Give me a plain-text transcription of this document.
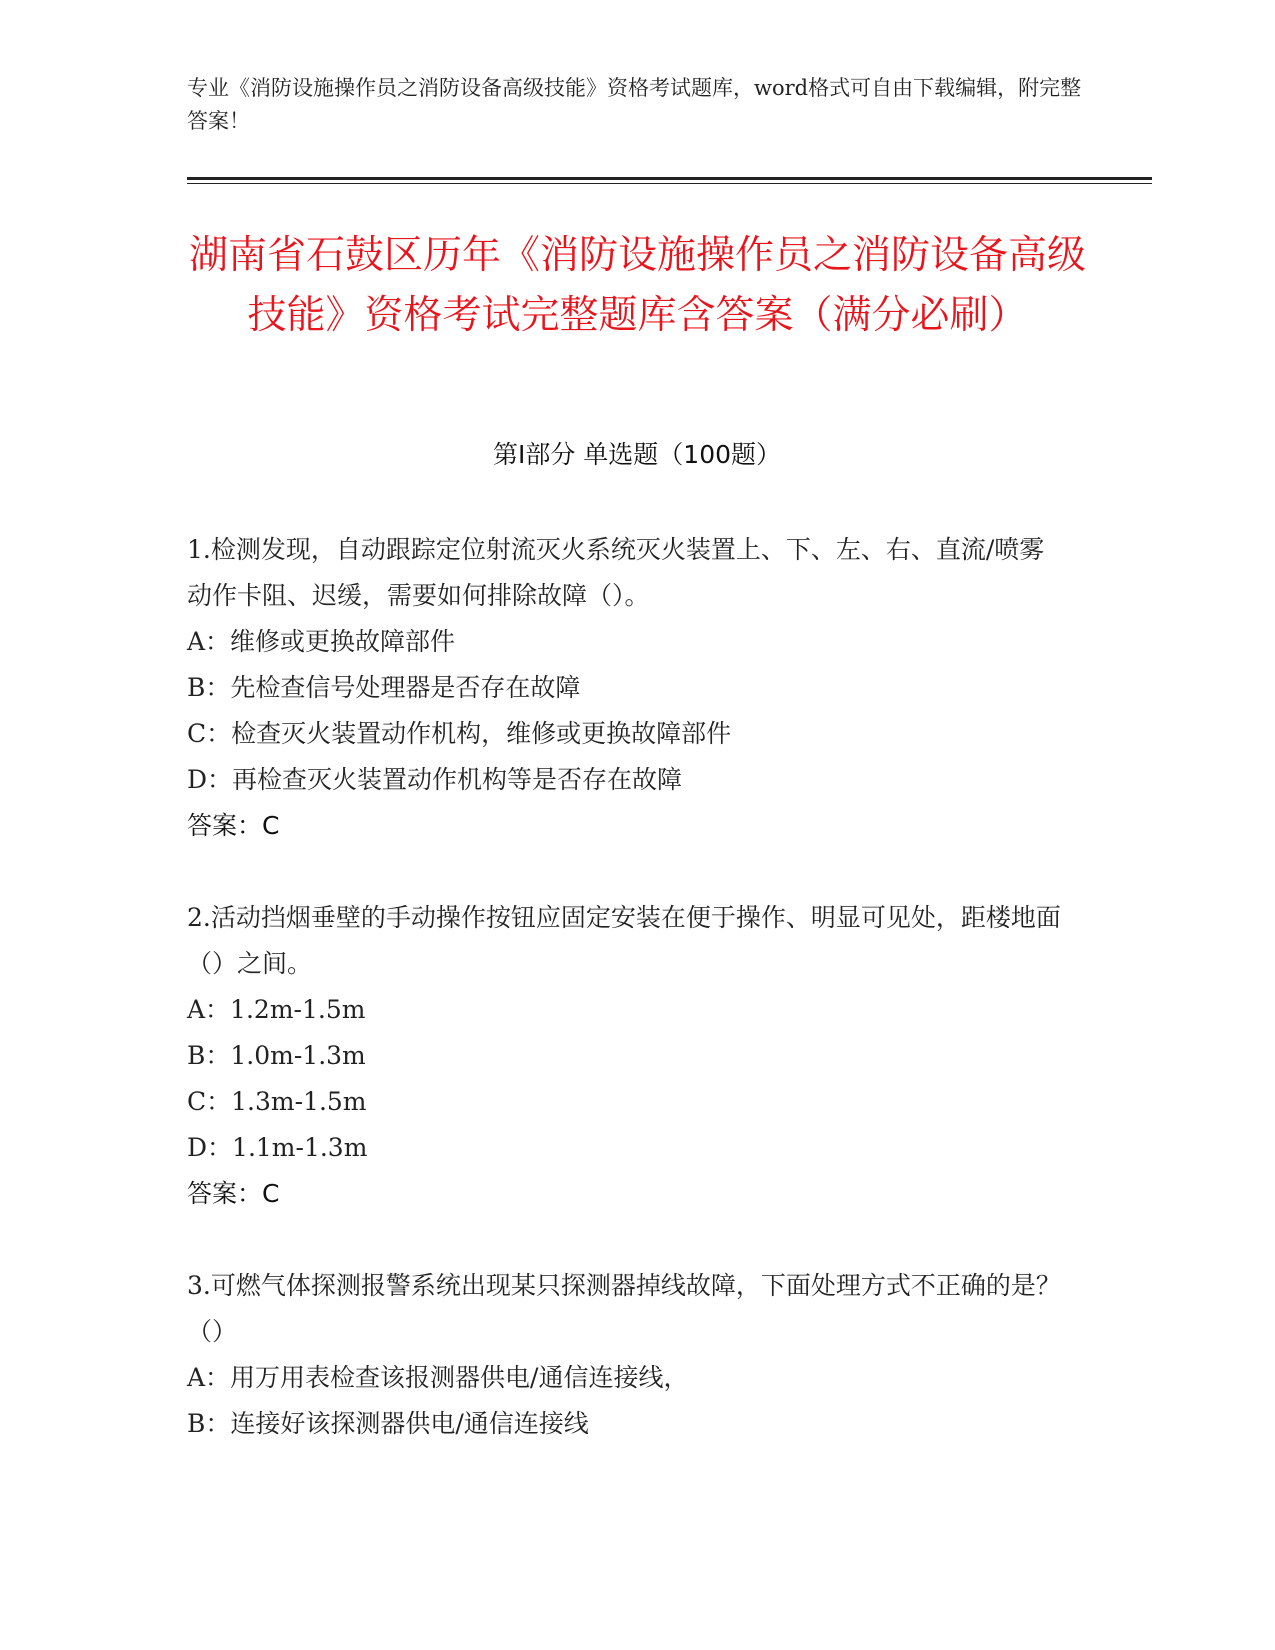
专业《消防设施操作员之消防设备高级技能》资格考试题库，word格式可自由下载编辑，附完整答案！
湖南省石鼓区历年《消防设施操作员之消防设备高级技能》资格考试完整题库含答案（满分必刷）
第I部分 单选题（100题）
1.检测发现，自动跟踪定位射流灭火系统灭火装置上、下、左、右、直流/喷雾动作卡阻、迟缓，需要如何排除故障（）。
A：维修或更换故障部件
B：先检查信号处理器是否存在故障
C：检查灭火装置动作机构，维修或更换故障部件
D：再检查灭火装置动作机构等是否存在故障
答案：C
2.活动挡烟垂壁的手动操作按钮应固定安装在便于操作、明显可见处，距楼地面（）之间。
A：1.2m-1.5m
B：1.0m-1.3m
C：1.3m-1.5m
D：1.1m-1.3m
答案：C
3.可燃气体探测报警系统出现某只探测器掉线故障，下面处理方式不正确的是？（）
A：用万用表检查该报测器供电/通信连接线，
B：连接好该探测器供电/通信连接线
